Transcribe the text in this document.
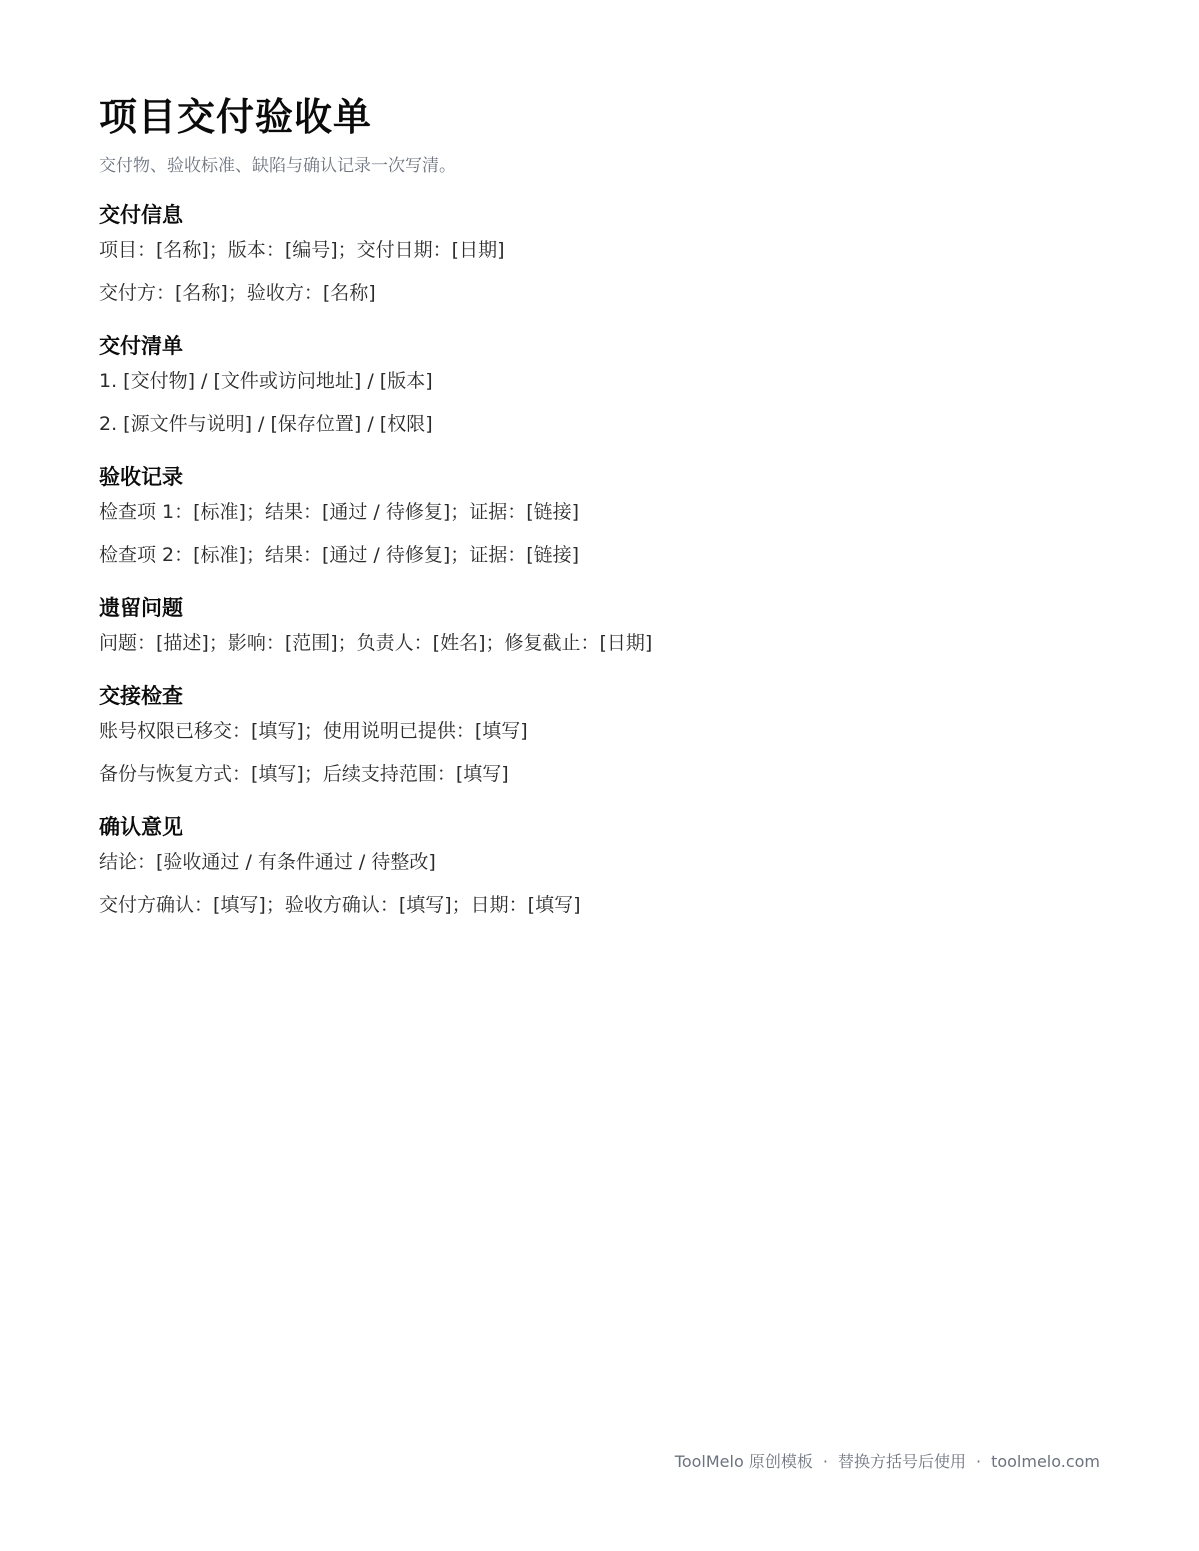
项目交付验收单
交付物、验收标准、缺陷与确认记录一次写清。
交付信息
项目：[名称]；版本：[编号]；交付日期：[日期]
交付方：[名称]；验收方：[名称]
交付清单
1. [交付物] / [文件或访问地址] / [版本]
2. [源文件与说明] / [保存位置] / [权限]
验收记录
检查项 1：[标准]；结果：[通过 / 待修复]；证据：[链接]
检查项 2：[标准]；结果：[通过 / 待修复]；证据：[链接]
遗留问题
问题：[描述]；影响：[范围]；负责人：[姓名]；修复截止：[日期]
交接检查
账号权限已移交：[填写]；使用说明已提供：[填写]
备份与恢复方式：[填写]；后续支持范围：[填写]
确认意见
结论：[验收通过 / 有条件通过 / 待整改]
交付方确认：[填写]；验收方确认：[填写]；日期：[填写]
ToolMelo 原创模板 · 替换方括号后使用 · toolmelo.com
